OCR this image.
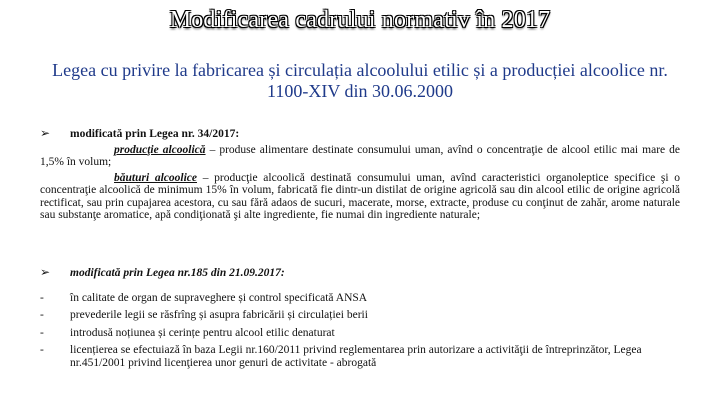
Modificarea cadrului normativ în 2017
Legea cu privire la fabricarea și circulația alcoolului etilic și a producției alcoolice nr. 1100-XIV din 30.06.2000
➢ modificată prin Legea nr. 34/2017:

producţie alcoolică – produse alimentare destinate consumului uman, avînd o concentraţie de alcool etilic mai mare de 1,5% în volum;

băuturi alcoolice – producţie alcoolică destinată consumului uman, avînd caracteristici organoleptice specifice şi o concentraţie alcoolică de minimum 15% în volum, fabricată fie dintr-un distilat de origine agricolă sau din alcool etilic de origine agricolă rectificat, sau prin cupajarea acestora, cu sau fără adaos de sucuri, macerate, morse, extracte, produse cu conţinut de zahăr, arome naturale sau substanţe aromatice, apă condiţionată şi alte ingrediente, fie numai din ingrediente naturale;

➢ modificată prin Legea nr.185 din 21.09.2017:
- în calitate de organ de supraveghere și control specificată ANSA
- prevederile legii se răsfrîng și asupra fabricării și circulației berii
- introdusă noțiunea și cerințe pentru alcool etilic denaturat
- licențierea se efectuiază în baza Legii nr.160/2011 privind reglementarea prin autorizare a activităţii de întreprinzător, Legea nr.451/2001 privind licenţierea unor genuri de activitate - abrogată
